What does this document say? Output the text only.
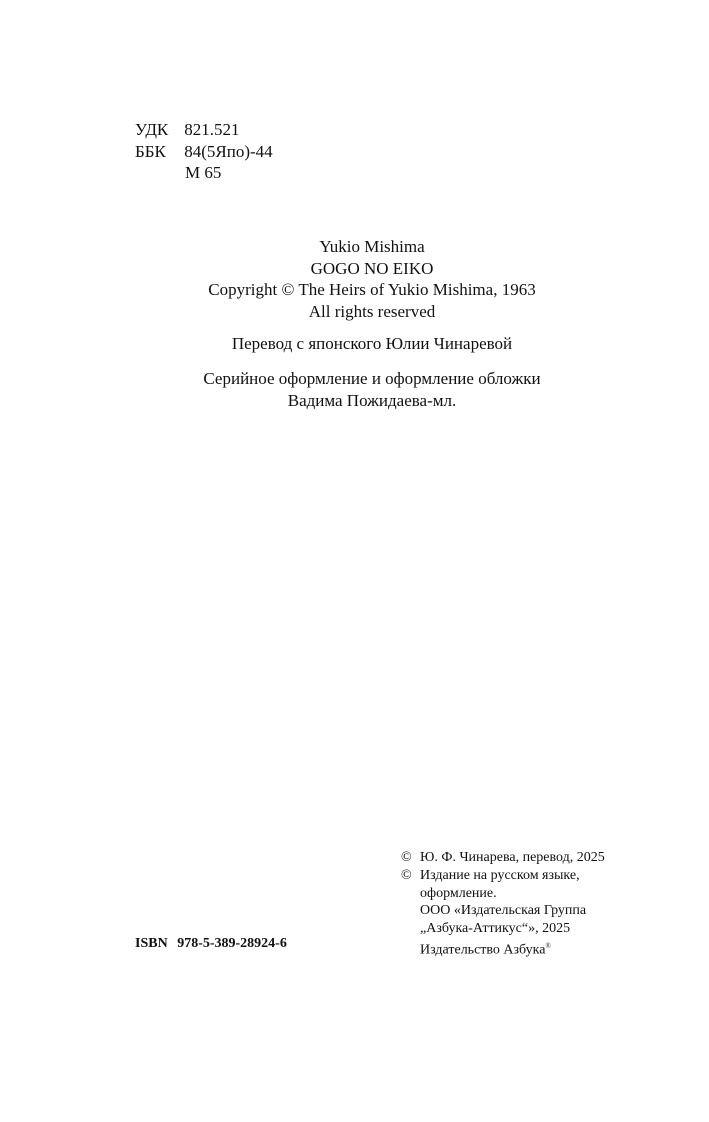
УДК 821.521
ББК 84(5Япо)-44
М 65
Yukio Mishima
GOGO NO EIKO
Copyright © The Heirs of Yukio Mishima, 1963
All rights reserved
Перевод с японского Юлии Чинаревой
Серийное оформление и оформление обложки
Вадима Пожидаева-мл.
© Ю. Ф. Чинарева, перевод, 2025
© Издание на русском языке,
оформление.
ООО «Издательская Группа
„Азбука-Аттикус“», 2025
Издательство Азбука®
ISBN 978-5-389-28924-6
